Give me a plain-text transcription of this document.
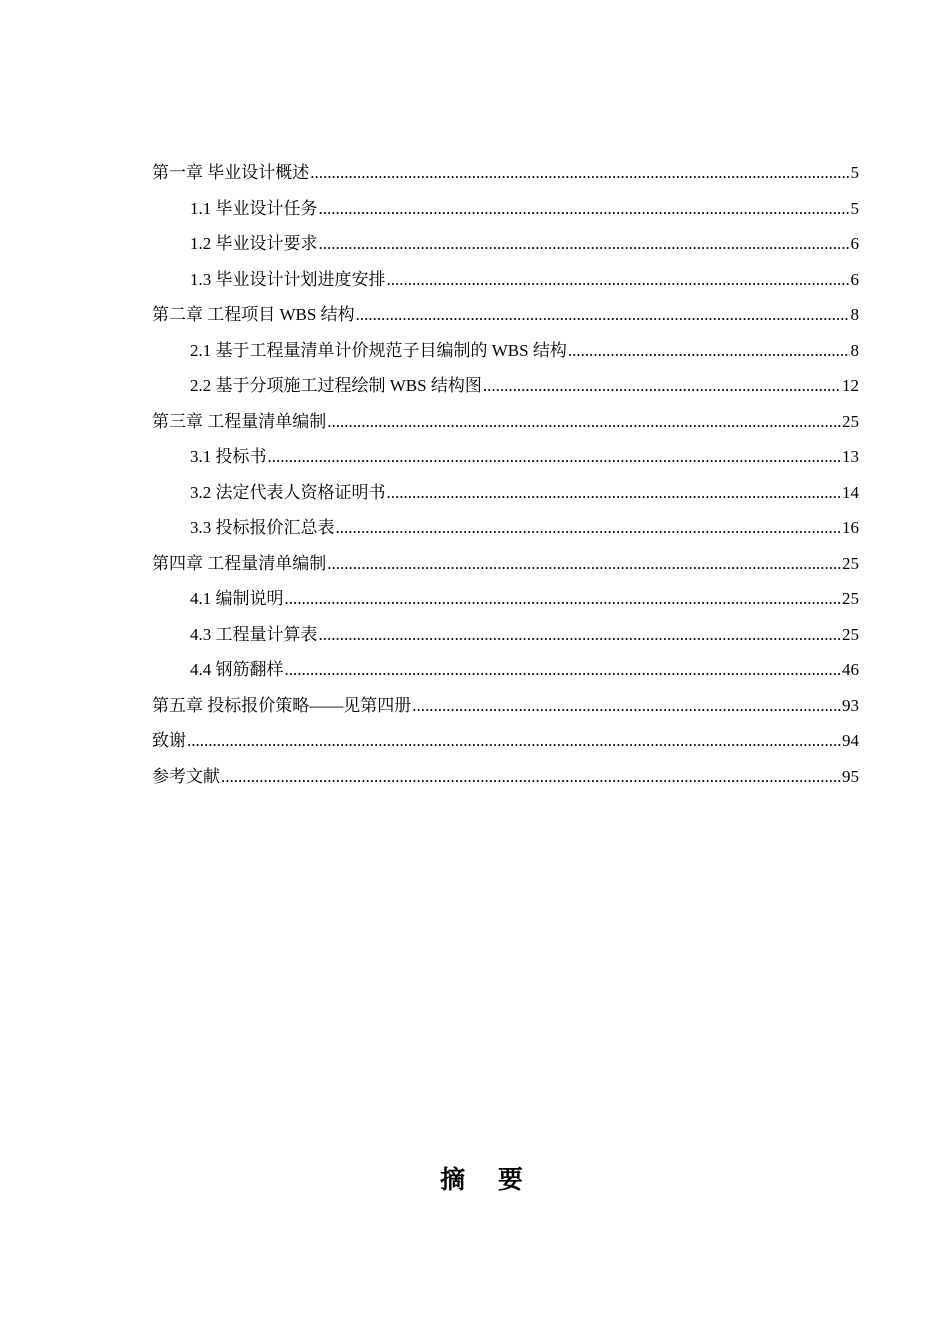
第一章 毕业设计概述 .....	5
1.1 毕业设计任务 .....	5
1.2 毕业设计要求 .....	6
1.3 毕业设计计划进度安排 .....	6
第二章 工程项目 WBS 结构 .....	8
2.1 基于工程量清单计价规范子目编制的 WBS 结构 .....	8
2.2 基于分项施工过程绘制 WBS 结构图 .....	12
第三章 工程量清单编制 .....	25
3.1 投标书 .....	13
3.2 法定代表人资格证明书 .....	14
3.3 投标报价汇总表 .....	16
第四章 工程量清单编制 .....	25
4.1 编制说明 .....	25
4.3 工程量计算表 .....	25
4.4 钢筋翻样 .....	46
第五章 投标报价策略——见第四册 .....	93
致谢 .....	94
参考文献 .....	95
摘 要
